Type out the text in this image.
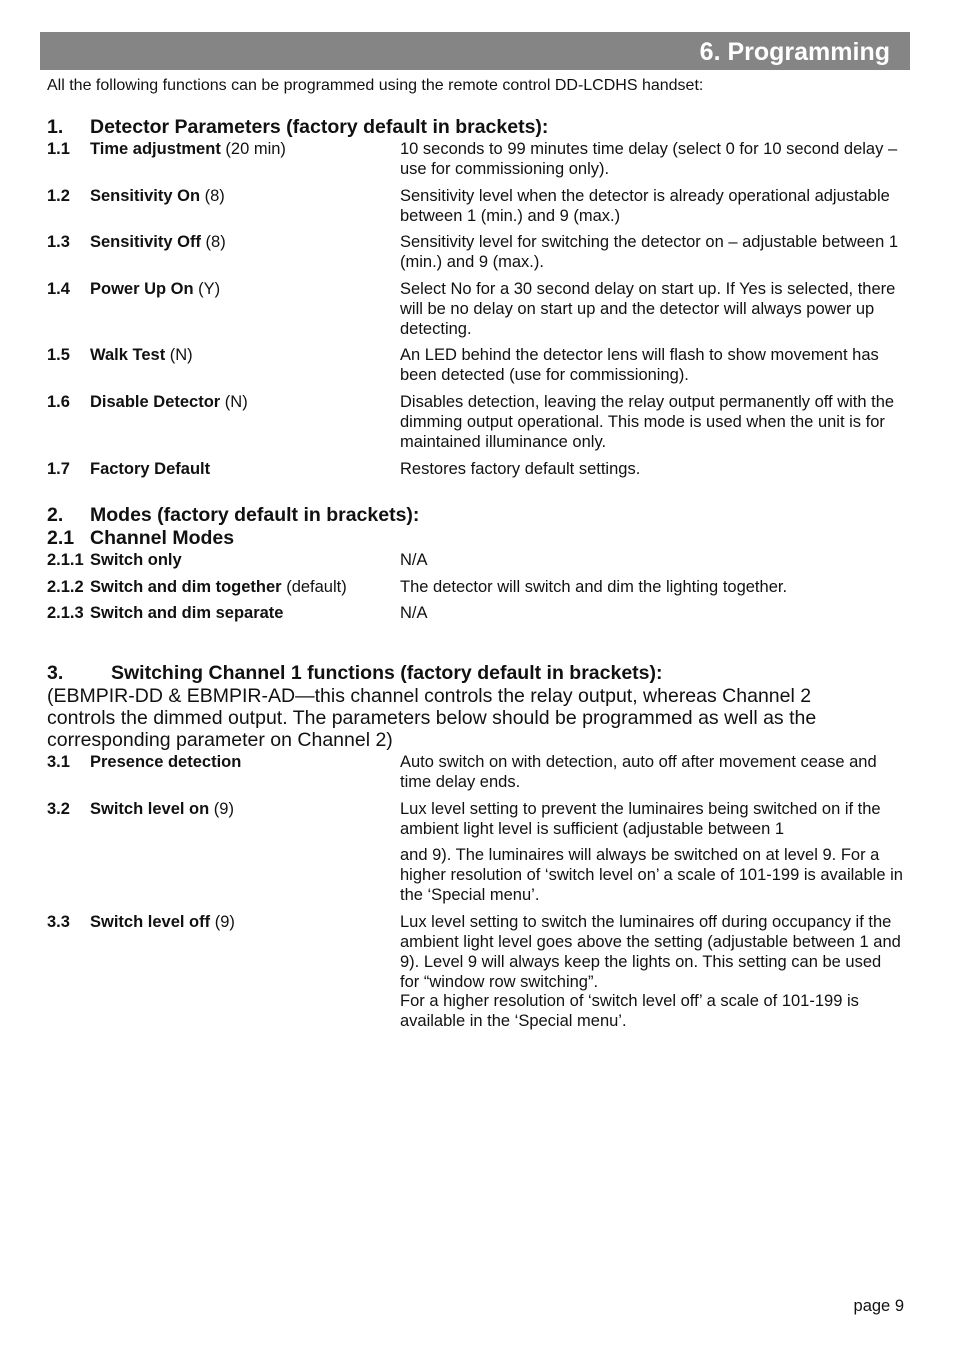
6. Programming
All the following functions can be programmed using the remote control DD-LCDHS handset:
1. Detector Parameters (factory default in brackets):
1.1 Time adjustment (20 min)	10 seconds to 99 minutes time delay (select 0 for 10 second delay – use for commissioning only).
1.2 Sensitivity On (8)	Sensitivity level when the detector is already operational adjustable between 1 (min.) and 9 (max.)
1.3 Sensitivity Off (8)	Sensitivity level for switching the detector on – adjustable between 1 (min.) and 9 (max.).
1.4 Power Up On (Y)	Select No for a 30 second delay on start up. If Yes is selected, there will be no delay on start up and the detector will always power up detecting.
1.5 Walk Test (N)	An LED behind the detector lens will flash to show movement has been detected (use for commissioning).
1.6 Disable Detector (N)	Disables detection, leaving the relay output permanently off with the dimming output operational. This mode is used when the unit is for maintained illuminance only.
1.7 Factory Default	Restores factory default settings.
2. Modes (factory default in brackets):
2.1 Channel Modes
2.1.1 Switch only	N/A
2.1.2 Switch and dim together (default)	The detector will switch and dim the lighting together.
2.1.3 Switch and dim separate	N/A
3. Switching Channel 1 functions (factory default in brackets):
(EBMPIR-DD & EBMPIR-AD—this channel controls the relay output, whereas Channel 2 controls the dimmed output. The parameters below should be programmed as well as the corresponding parameter on Channel 2)
3.1 Presence detection	Auto switch on with detection, auto off after movement cease and time delay ends.
3.2 Switch level on (9)	Lux level setting to prevent the luminaires being switched on if the ambient light level is sufficient (adjustable between 1
and 9). The luminaires will always be switched on at level 9. For a higher resolution of ‘switch level on’ a scale of 101-199 is available in the ‘Special menu’.
3.3 Switch level off (9)	Lux level setting to switch the luminaires off during occupancy if the ambient light level goes above the setting (adjustable between 1 and 9). Level 9 will always keep the lights on. This setting can be used for “window row switching”.
For a higher resolution of ‘switch level off’ a scale of 101-199 is available in the ‘Special menu’.
page 9
